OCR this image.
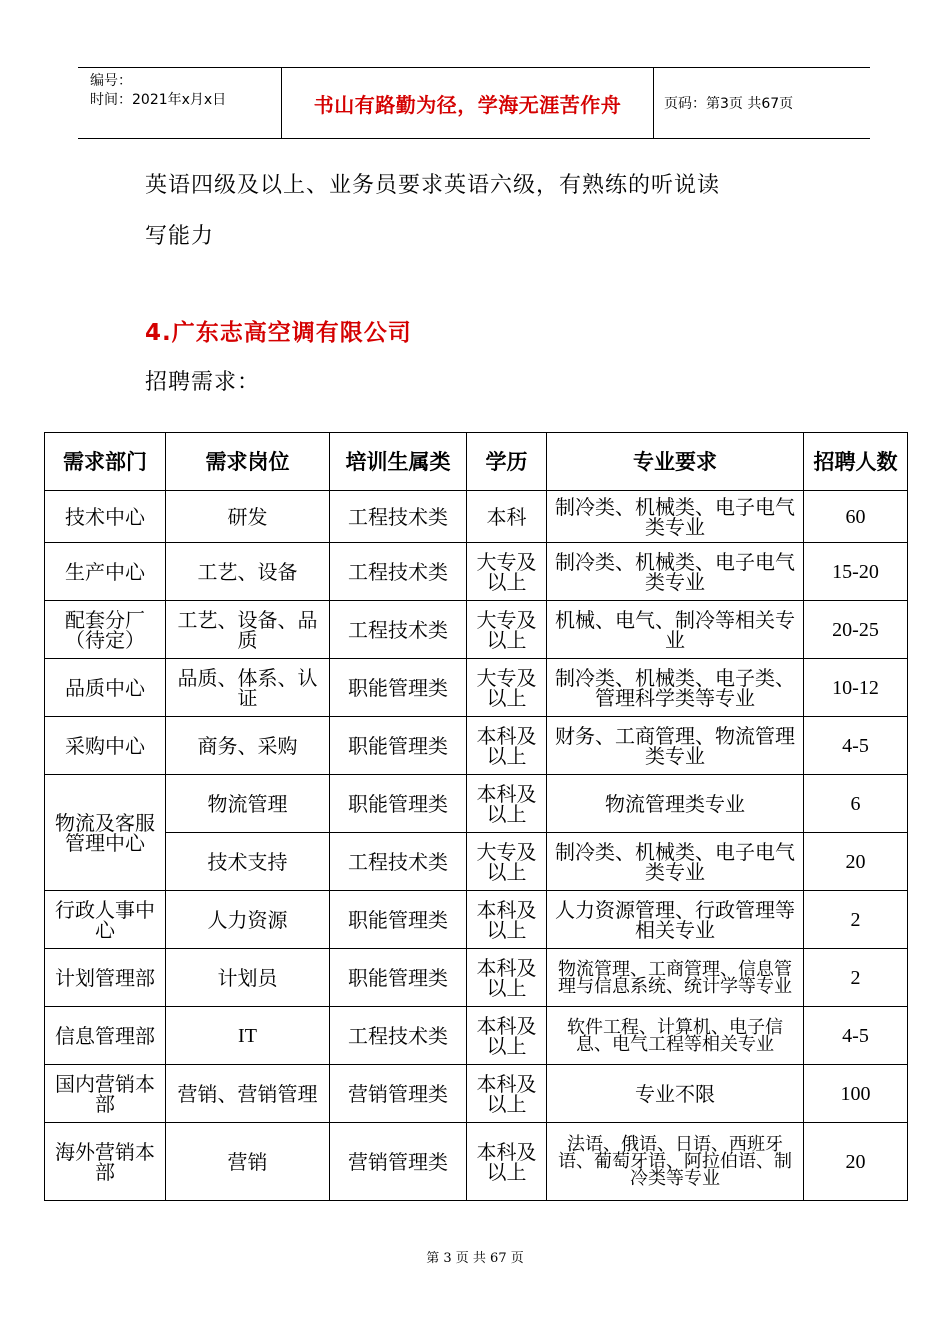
编号：
时间：2021年x月x日	书山有路勤为径，学海无涯苦作舟	页码：第3页 共67页
英语四级及以上、业务员要求英语六级，有熟练的听说读
写能力
4.广东志高空调有限公司
招聘需求：
需求部门	需求岗位	培训生属类	学历	专业要求	招聘人数
技术中心	研发	工程技术类	本科	制冷类、机械类、电子电气类专业	60
生产中心	工艺、设备	工程技术类	大专及以上	制冷类、机械类、电子电气类专业	15-20
配套分厂（待定）	工艺、设备、品质	工程技术类	大专及以上	机械、电气、制冷等相关专业	20-25
品质中心	品质、体系、认证	职能管理类	大专及以上	制冷类、机械类、电子类、管理科学类等专业	10-12
采购中心	商务、采购	职能管理类	本科及以上	财务、工商管理、物流管理类专业	4-5
物流及客服管理中心	物流管理	职能管理类	本科及以上	物流管理类专业	6
	技术支持	工程技术类	大专及以上	制冷类、机械类、电子电气类专业	20
行政人事中心	人力资源	职能管理类	本科及以上	人力资源管理、行政管理等相关专业	2
计划管理部	计划员	职能管理类	本科及以上	物流管理、工商管理、信息管理与信息系统、统计学等专业	2
信息管理部	IT	工程技术类	本科及以上	软件工程、计算机、电子信息、电气工程等相关专业	4-5
国内营销本部	营销、营销管理	营销管理类	本科及以上	专业不限	100
海外营销本部	营销	营销管理类	本科及以上	法语、俄语、日语、西班牙语、葡萄牙语、阿拉伯语、制冷类等专业	20
第 3 页 共 67 页
